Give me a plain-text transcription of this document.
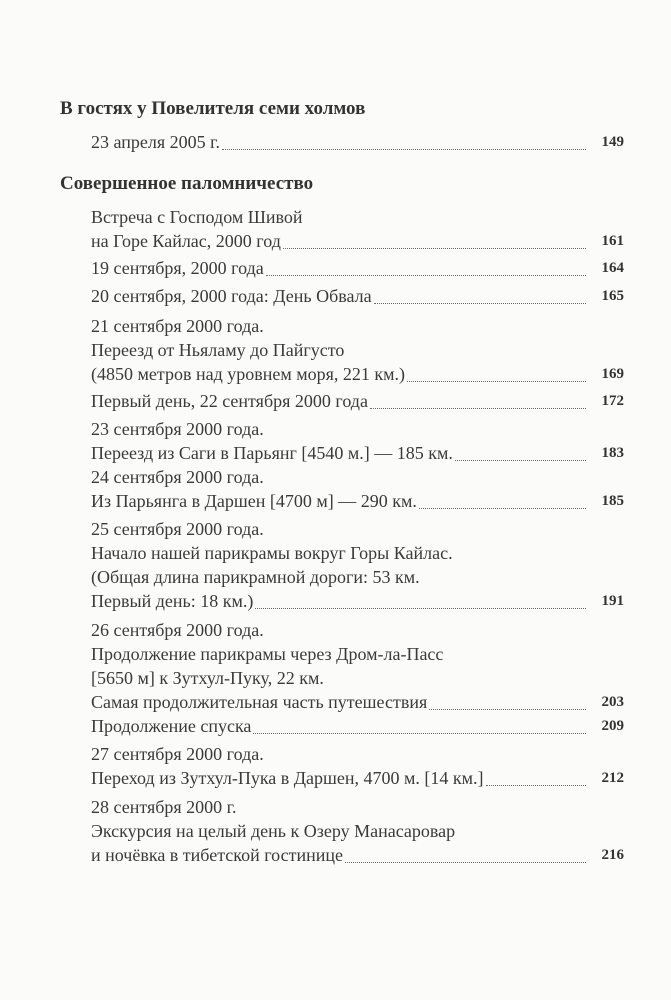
В гостях у Повелителя семи холмов
23 апреля 2005 г.	149
Совершенное паломничество
Встреча с Господом Шивой
на Горе Кайлас, 2000 год	161
19 сентября, 2000 года	164
20 сентября, 2000 года: День Обвала	165
21 сентября 2000 года.
Переезд от Ньяламу до Пайгусто
(4850 метров над уровнем моря, 221 км.)	169
Первый день, 22 сентября 2000 года	172
23 сентября 2000 года.
Переезд из Саги в Парьянг [4540 м.] — 185 км.	183
24 сентября 2000 года.
Из Парьянга в Даршен [4700 м] — 290 км.	185
25 сентября 2000 года.
Начало нашей парикрамы вокруг Горы Кайлас.
(Общая длина парикрамной дороги: 53 км.
Первый день: 18 км.)	191
26 сентября 2000 года.
Продолжение парикрамы через Дром-ла-Пасс
[5650 м] к Зутхул-Пуку, 22 км.
Самая продолжительная часть путешествия	203
Продолжение спуска	209
27 сентября 2000 года.
Переход из Зутхул-Пука в Даршен, 4700 м. [14 км.]	212
28 сентября 2000 г.
Экскурсия на целый день к Озеру Манасаровар
и ночёвка в тибетской гостинице	216
